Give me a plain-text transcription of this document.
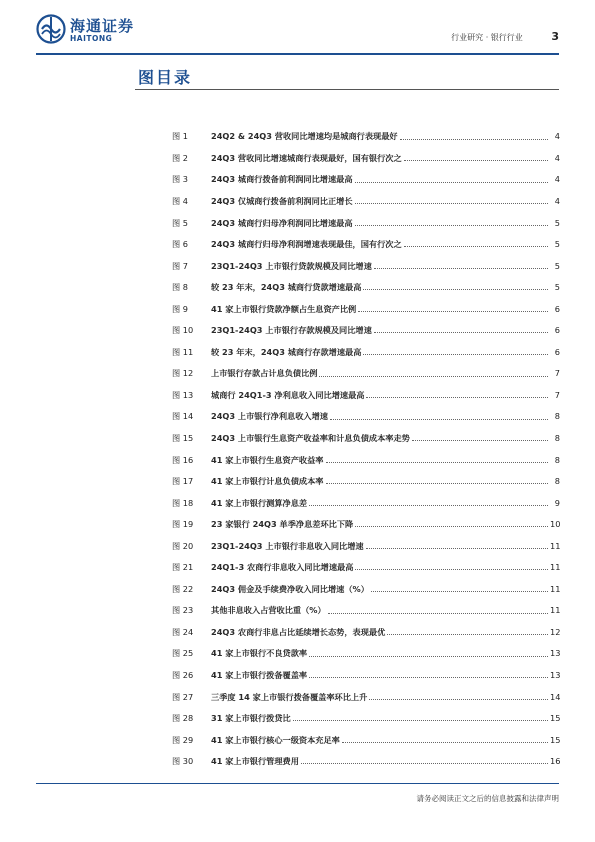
海通证券
HAITONG	行业研究 · 银行行业	3
图目录
图 1	24Q2 & 24Q3 营收同比增速均是城商行表现最好	4
图 2	24Q3 营收同比增速城商行表现最好，国有银行次之	4
图 3	24Q3 城商行拨备前利润同比增速最高	4
图 4	24Q3 仅城商行拨备前利润同比正增长	4
图 5	24Q3 城商行归母净利润同比增速最高	5
图 6	24Q3 城商行归母净利润增速表现最佳，国有行次之	5
图 7	23Q1-24Q3 上市银行贷款规模及同比增速	5
图 8	较 23 年末，24Q3 城商行贷款增速最高	5
图 9	41 家上市银行贷款净额占生息资产比例	6
图 10	23Q1-24Q3 上市银行存款规模及同比增速	6
图 11	较 23 年末，24Q3 城商行存款增速最高	6
图 12	上市银行存款占计息负债比例	7
图 13	城商行 24Q1-3 净利息收入同比增速最高	7
图 14	24Q3 上市银行净利息收入增速	8
图 15	24Q3 上市银行生息资产收益率和计息负债成本率走势	8
图 16	41 家上市银行生息资产收益率	8
图 17	41 家上市银行计息负债成本率	8
图 18	41 家上市银行测算净息差	9
图 19	23 家银行 24Q3 单季净息差环比下降	10
图 20	23Q1-24Q3 上市银行非息收入同比增速	11
图 21	24Q1-3 农商行非息收入同比增速最高	11
图 22	24Q3 佣金及手续费净收入同比增速（%）	11
图 23	其他非息收入占营收比重（%）	11
图 24	24Q3 农商行非息占比延续增长态势，表现最优	12
图 25	41 家上市银行不良贷款率	13
图 26	41 家上市银行拨备覆盖率	13
图 27	三季度 14 家上市银行拨备覆盖率环比上升	14
图 28	31 家上市银行拨贷比	15
图 29	41 家上市银行核心一级资本充足率	15
图 30	41 家上市银行管理费用	16
请务必阅读正文之后的信息披露和法律声明
